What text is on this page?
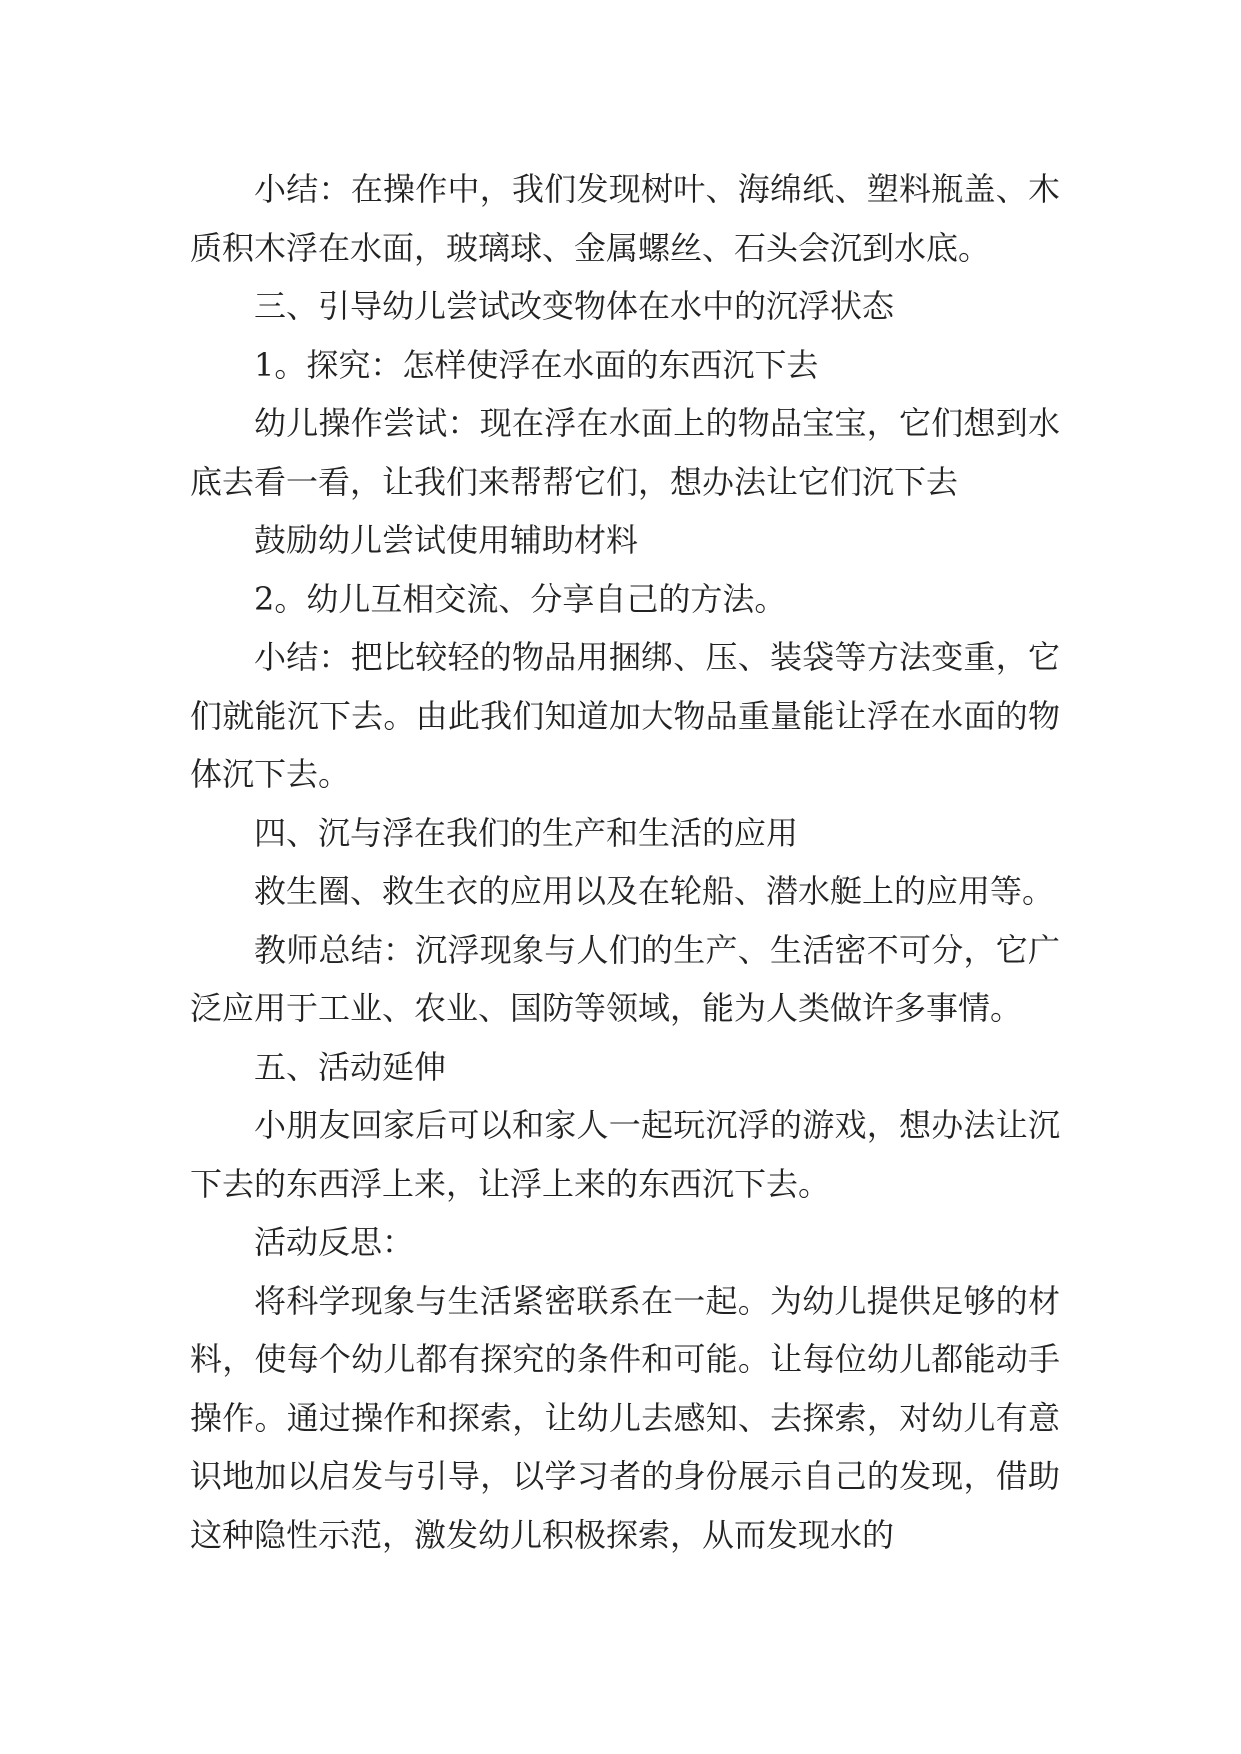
小结：在操作中，我们发现树叶、海绵纸、塑料瓶盖、木质积木浮在水面，玻璃球、金属螺丝、石头会沉到水底。

三、引导幼儿尝试改变物体在水中的沉浮状态

1。探究：怎样使浮在水面的东西沉下去

幼儿操作尝试：现在浮在水面上的物品宝宝，它们想到水底去看一看，让我们来帮帮它们，想办法让它们沉下去

鼓励幼儿尝试使用辅助材料

2。幼儿互相交流、分享自己的方法。

小结：把比较轻的物品用捆绑、压、装袋等方法变重，它们就能沉下去。由此我们知道加大物品重量能让浮在水面的物体沉下去。

四、沉与浮在我们的生产和生活的应用

救生圈、救生衣的应用以及在轮船、潜水艇上的应用等。

教师总结：沉浮现象与人们的生产、生活密不可分，它广泛应用于工业、农业、国防等领域，能为人类做许多事情。

五、活动延伸

小朋友回家后可以和家人一起玩沉浮的游戏，想办法让沉下去的东西浮上来，让浮上来的东西沉下去。

活动反思：

将科学现象与生活紧密联系在一起。为幼儿提供足够的材料，使每个幼儿都有探究的条件和可能。让每位幼儿都能动手操作。通过操作和探索，让幼儿去感知、去探索，对幼儿有意识地加以启发与引导，以学习者的身份展示自己的发现，借助这种隐性示范，激发幼儿积极探索，从而发现水的
